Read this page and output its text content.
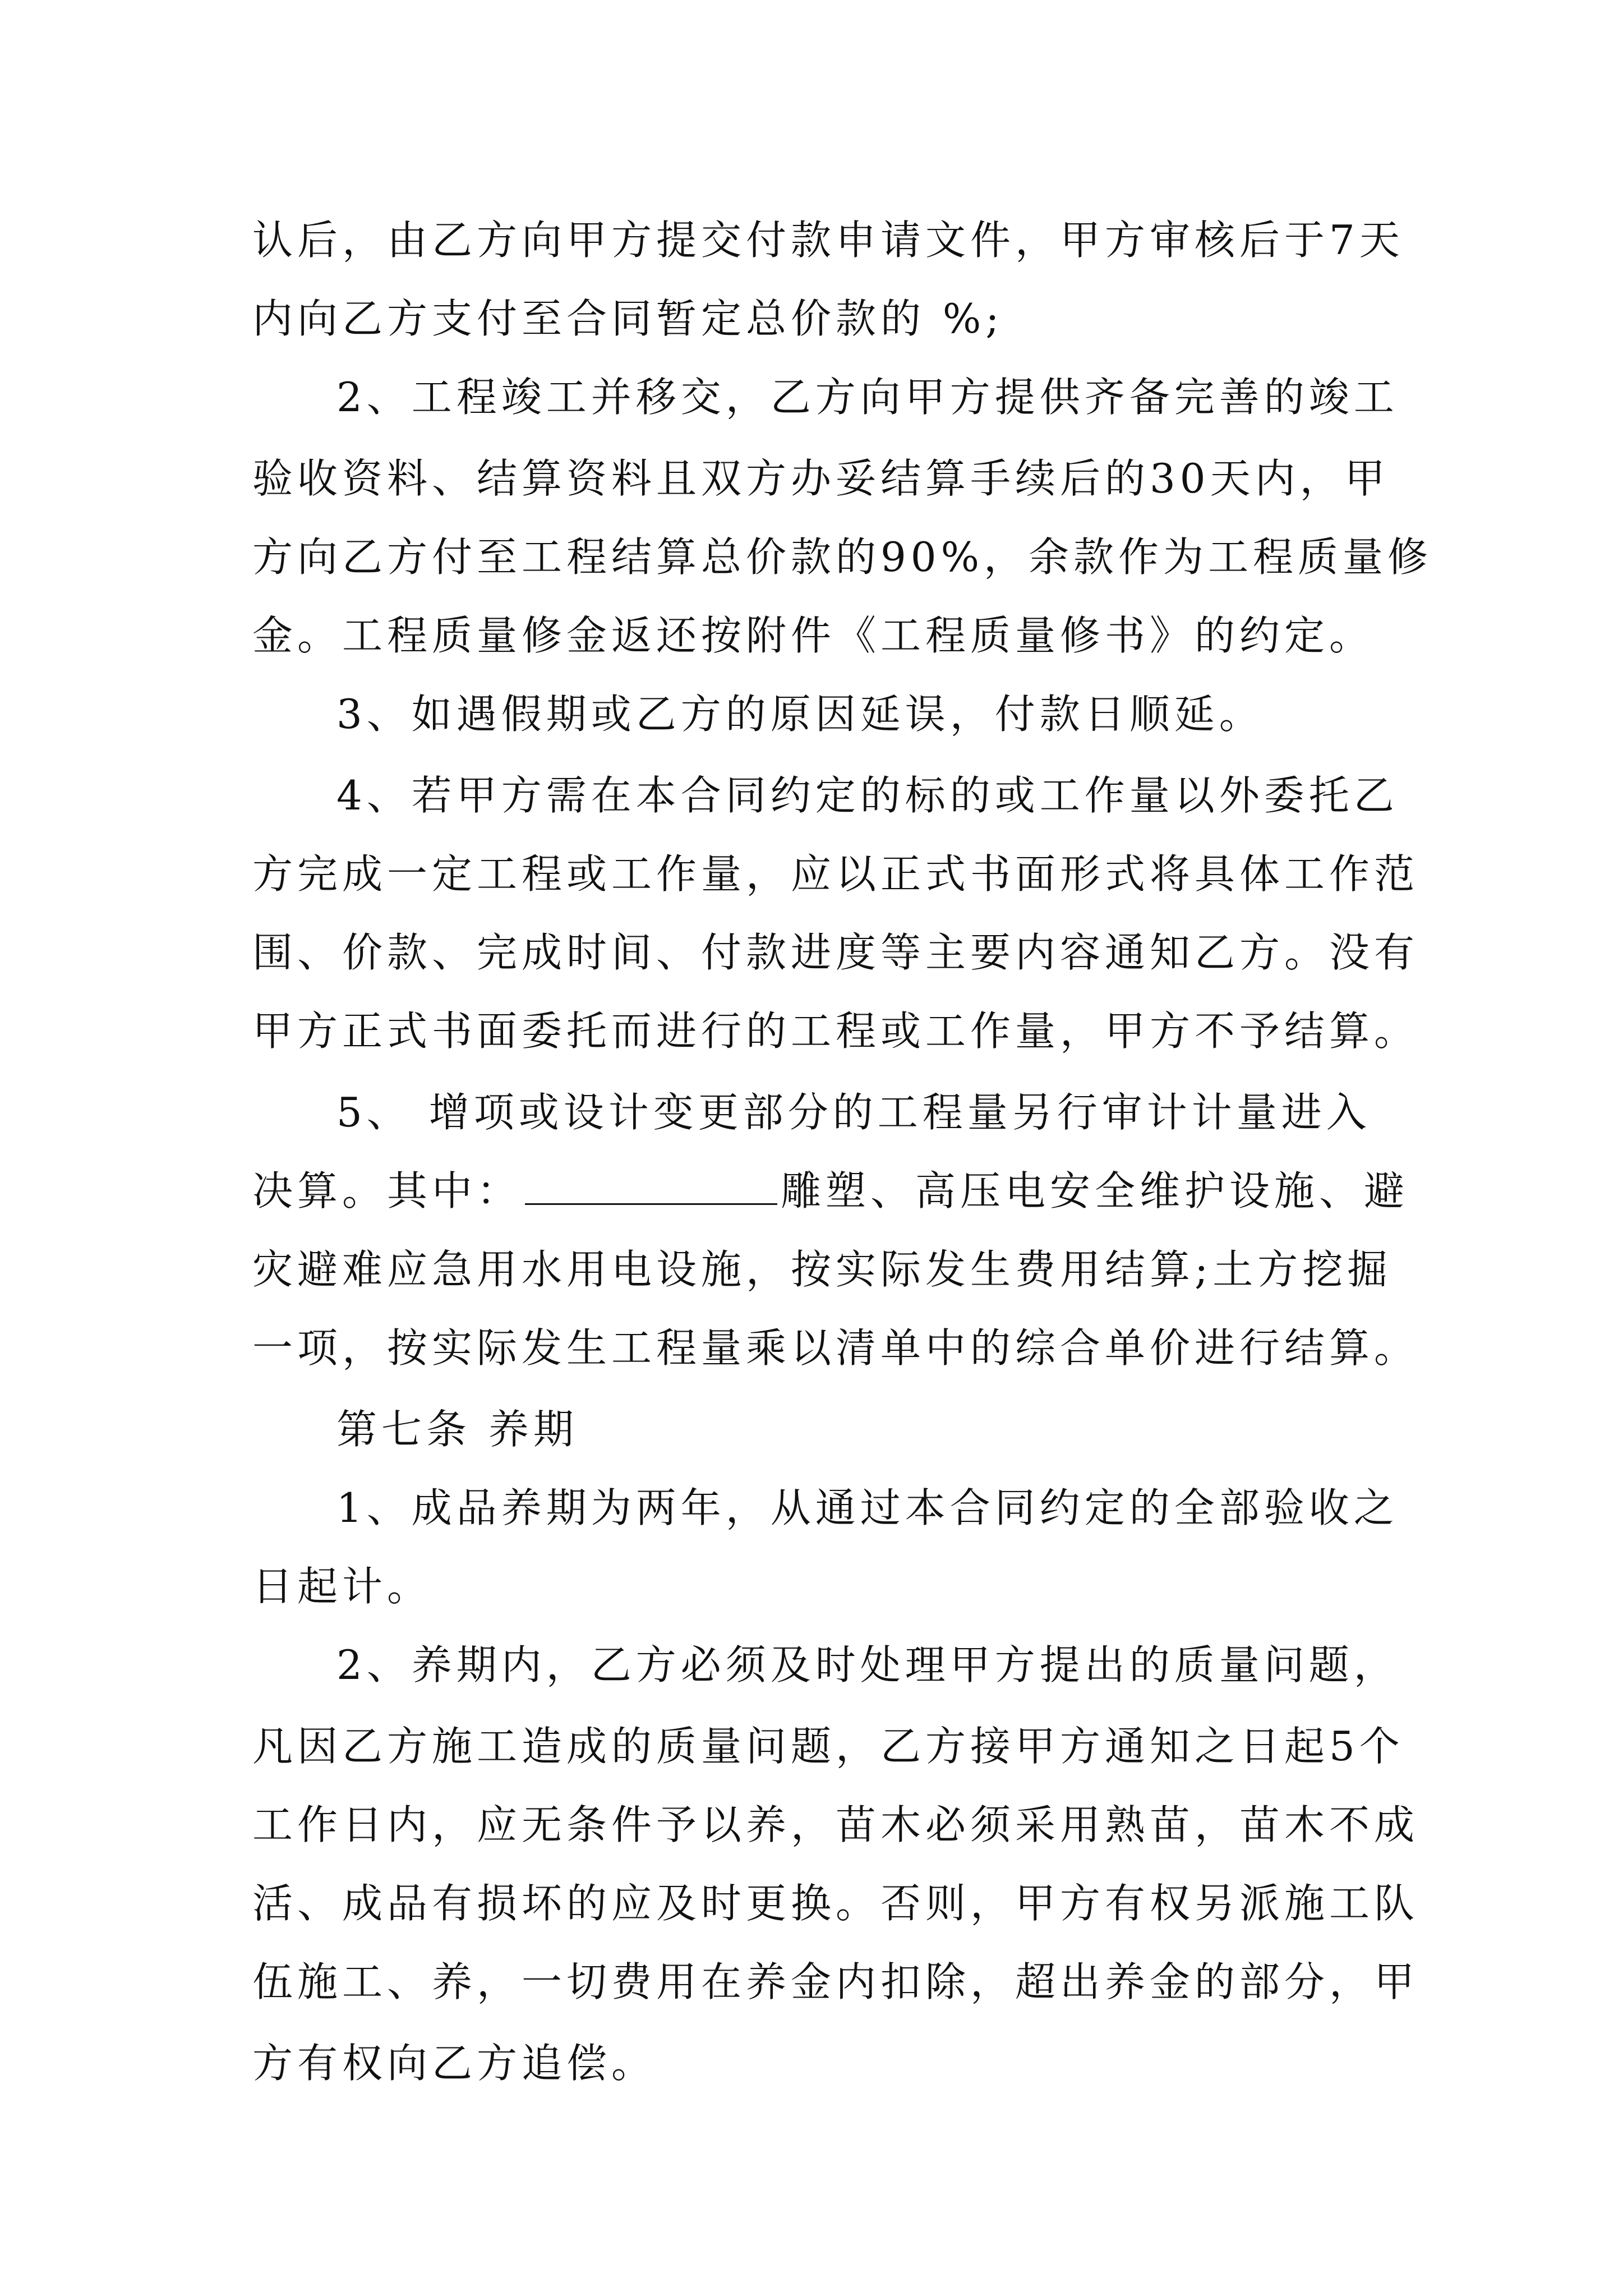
认后，由乙方向甲方提交付款申请文件，甲方审核后于7天

内向乙方支付至合同暂定总价款的 %;

2、工程竣工并移交，乙方向甲方提供齐备完善的竣工

验收资料、结算资料且双方办妥结算手续后的30天内，甲

方向乙方付至工程结算总价款的90%，余款作为工程质量修

金。工程质量修金返还按附件《工程质量修书》的约定。

3、如遇假期或乙方的原因延误，付款日顺延。

4、若甲方需在本合同约定的标的或工作量以外委托乙

方完成一定工程或工作量，应以正式书面形式将具体工作范

围、价款、完成时间、付款进度等主要内容通知乙方。没有

甲方正式书面委托而进行的工程或工作量，甲方不予结算。

5、 增项或设计变更部分的工程量另行审计计量进入

决算。其中：	雕塑、高压电安全维护设施、避

灾避难应急用水用电设施，按实际发生费用结算;土方挖掘

一项，按实际发生工程量乘以清单中的综合单价进行结算。

第七条 养期

1、成品养期为两年，从通过本合同约定的全部验收之

日起计。

2、养期内，乙方必须及时处理甲方提出的质量问题，

凡因乙方施工造成的质量问题，乙方接甲方通知之日起5个

工作日内，应无条件予以养，苗木必须采用熟苗，苗木不成

活、成品有损坏的应及时更换。否则，甲方有权另派施工队

伍施工、养，一切费用在养金内扣除，超出养金的部分，甲

方有权向乙方追偿。
